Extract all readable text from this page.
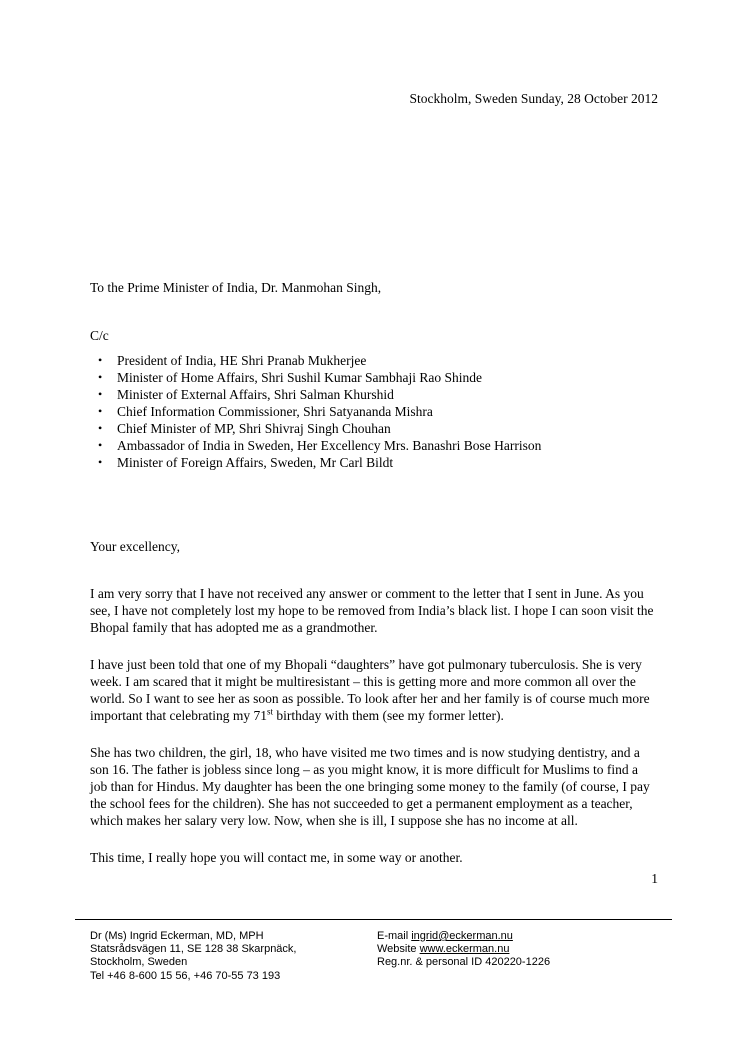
Stockholm, Sweden Sunday, 28 October 2012
To the Prime Minister of India, Dr. Manmohan Singh,
C/c
• President of India, HE Shri Pranab Mukherjee
• Minister of Home Affairs, Shri Sushil Kumar Sambhaji Rao Shinde
• Minister of External Affairs, Shri Salman Khurshid
• Chief Information Commissioner, Shri Satyananda Mishra
• Chief Minister of MP, Shri Shivraj Singh Chouhan
• Ambassador of India in Sweden, Her Excellency Mrs. Banashri Bose Harrison
• Minister of Foreign Affairs, Sweden, Mr Carl Bildt
Your excellency,

I am very sorry that I have not received any answer or comment to the letter that I sent in June. As you see, I have not completely lost my hope to be removed from India’s black list. I hope I can soon visit the Bhopal family that has adopted me as a grandmother.

I have just been told that one of my Bhopali “daughters” have got pulmonary tuberculosis. She is very week. I am scared that it might be multiresistant – this is getting more and more common all over the world. So I want to see her as soon as possible. To look after her and her family is of course much more important that celebrating my 71st birthday with them (see my former letter).

She has two children, the girl, 18, who have visited me two times and is now studying dentistry, and a son 16. The father is jobless since long – as you might know, it is more difficult for Muslims to find a job than for Hindus. My daughter has been the one bringing some money to the family (of course, I pay the school fees for the children). She has not succeeded to get a permanent employment as a teacher, which makes her salary very low. Now, when she is ill, I suppose she has no income at all.

This time, I really hope you will contact me, in some way or another.

1
Dr (Ms) Ingrid Eckerman, MD, MPH
Statsrådsvägen 11, SE 128 38 Skarpnäck,
Stockholm, Sweden
Tel +46 8-600 15 56, +46 70-55 73 193
E-mail ingrid@eckerman.nu
Website www.eckerman.nu
Reg.nr. & personal ID 420220-1226
